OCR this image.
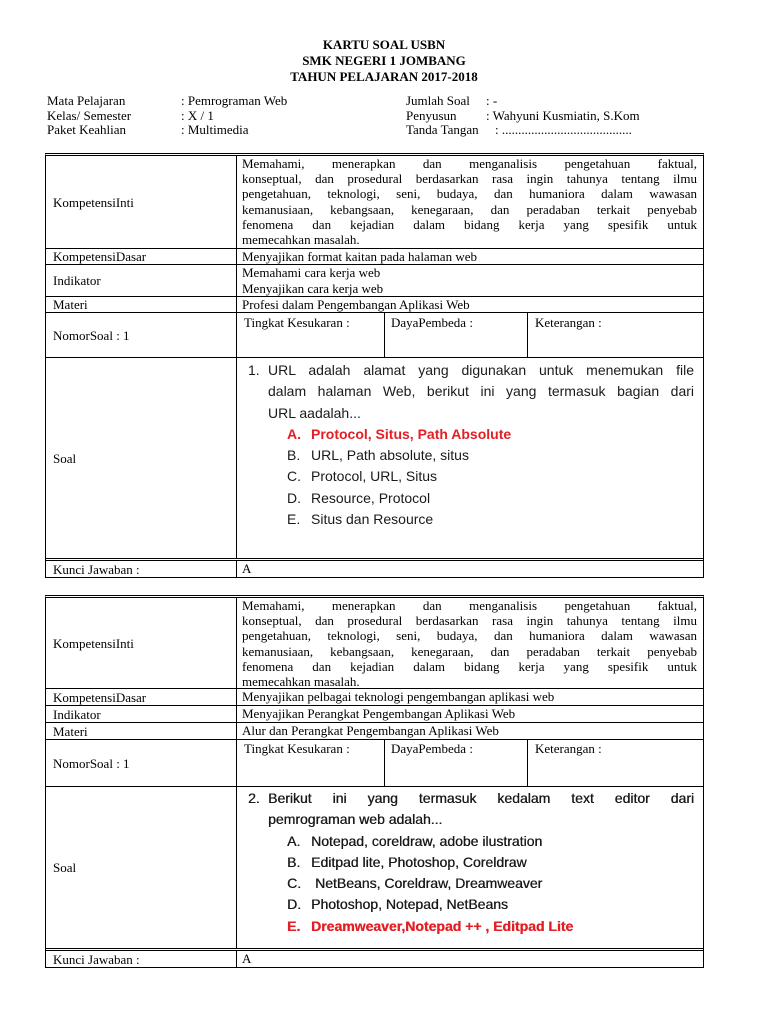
KARTU SOAL USBN
SMK NEGERI 1 JOMBANG
TAHUN PELAJARAN 2017-2018
Mata Pelajaran	: Pemrograman Web	Jumlah Soal : -
Kelas/ Semester	: X / 1	Penyusun : Wahyuni Kusmiatin, S.Kom
Paket Keahlian	: Multimedia	Tanda Tangan : ........................................
KompetensiInti
Memahami, menerapkan dan menganalisis pengetahuan faktual,
konseptual, dan prosedural berdasarkan rasa ingin tahunya tentang ilmu
pengetahuan, teknologi, seni, budaya, dan humaniora dalam wawasan
kemanusiaan, kebangsaan, kenegaraan, dan peradaban terkait penyebab
fenomena dan kejadian dalam bidang kerja yang spesifik untuk
memecahkan masalah.
KompetensiDasar	Menyajikan format kaitan pada halaman web
Indikator
Memahami cara kerja web
Menyajikan cara kerja web
Materi	Profesi dalam Pengembangan Aplikasi Web
NomorSoal : 1
Tingkat Kesukaran :	DayaPembeda :	Keterangan :
Soal
1. URL adalah alamat yang digunakan untuk menemukan file
dalam halaman Web, berikut ini yang termasuk bagian dari
URL aadalah...
A. Protocol, Situs, Path Absolute
B. URL, Path absolute, situs
C. Protocol, URL, Situs
D. Resource, Protocol
E. Situs dan Resource
Kunci Jawaban :	A
KompetensiInti
Memahami, menerapkan dan menganalisis pengetahuan faktual,
konseptual, dan prosedural berdasarkan rasa ingin tahunya tentang ilmu
pengetahuan, teknologi, seni, budaya, dan humaniora dalam wawasan
kemanusiaan, kebangsaan, kenegaraan, dan peradaban terkait penyebab
fenomena dan kejadian dalam bidang kerja yang spesifik untuk
memecahkan masalah.
KompetensiDasar	Menyajikan pelbagai teknologi pengembangan aplikasi web
Indikator	Menyajikan Perangkat Pengembangan Aplikasi Web
Materi	Alur dan Perangkat Pengembangan Aplikasi Web
NomorSoal : 1
Tingkat Kesukaran :	DayaPembeda :	Keterangan :
Soal
2. Berikut ini yang termasuk kedalam text editor dari
pemrograman web adalah...
A. Notepad, coreldraw, adobe ilustration
B. Editpad lite, Photoshop, Coreldraw
C. NetBeans, Coreldraw, Dreamweaver
D. Photoshop, Notepad, NetBeans
E. Dreamweaver,Notepad ++ , Editpad Lite
Kunci Jawaban :	A
